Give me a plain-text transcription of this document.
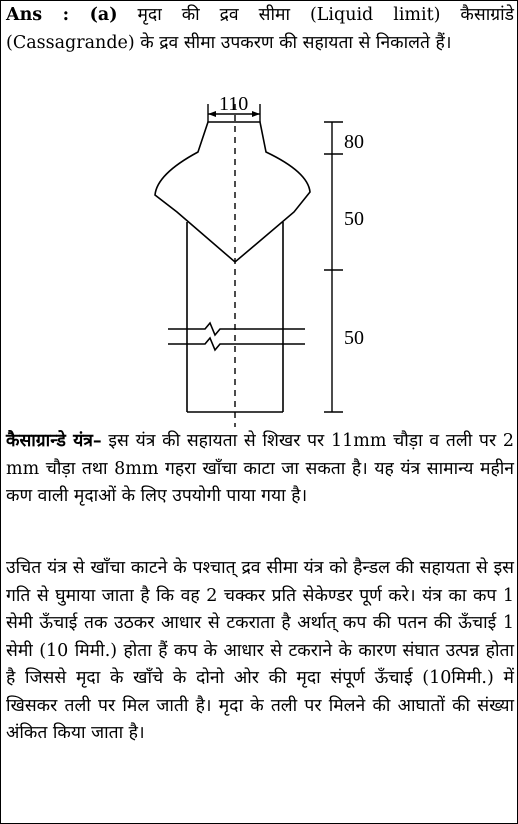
Ans : (a) मृदा की द्रव सीमा (Liquid limit) कैसाग्रांडे (Cassagrande) के द्रव सीमा उपकरण की सहायता से निकालते हैं।

110
80
50
50

कैसाग्रान्डे यंत्र– इस यंत्र की सहायता से शिखर पर 11mm चौड़ा व तली पर 2 mm चौड़ा तथा 8mm गहरा खाँचा काटा जा सकता है। यह यंत्र सामान्य महीन कण वाली मृदाओं के लिए उपयोगी पाया गया है।

उचित यंत्र से खाँचा काटने के पश्चात् द्रव सीमा यंत्र को हैन्डल की सहायता से इस गति से घुमाया जाता है कि वह 2 चक्कर प्रति सेकेण्डर पूर्ण करे। यंत्र का कप 1 सेमी ऊँचाई तक उठकर आधार से टकराता है अर्थात् कप की पतन की ऊँचाई 1 सेमी (10 मिमी.) होता हैं कप के आधार से टकराने के कारण संघात उत्पन्न होता है जिससे मृदा के खाँचे के दोनो ओर की मृदा संपूर्ण ऊँचाई (10मिमी.) में खिसकर तली पर मिल जाती है। मृदा के तली पर मिलने की आघातों की संख्या अंकित किया जाता है।
